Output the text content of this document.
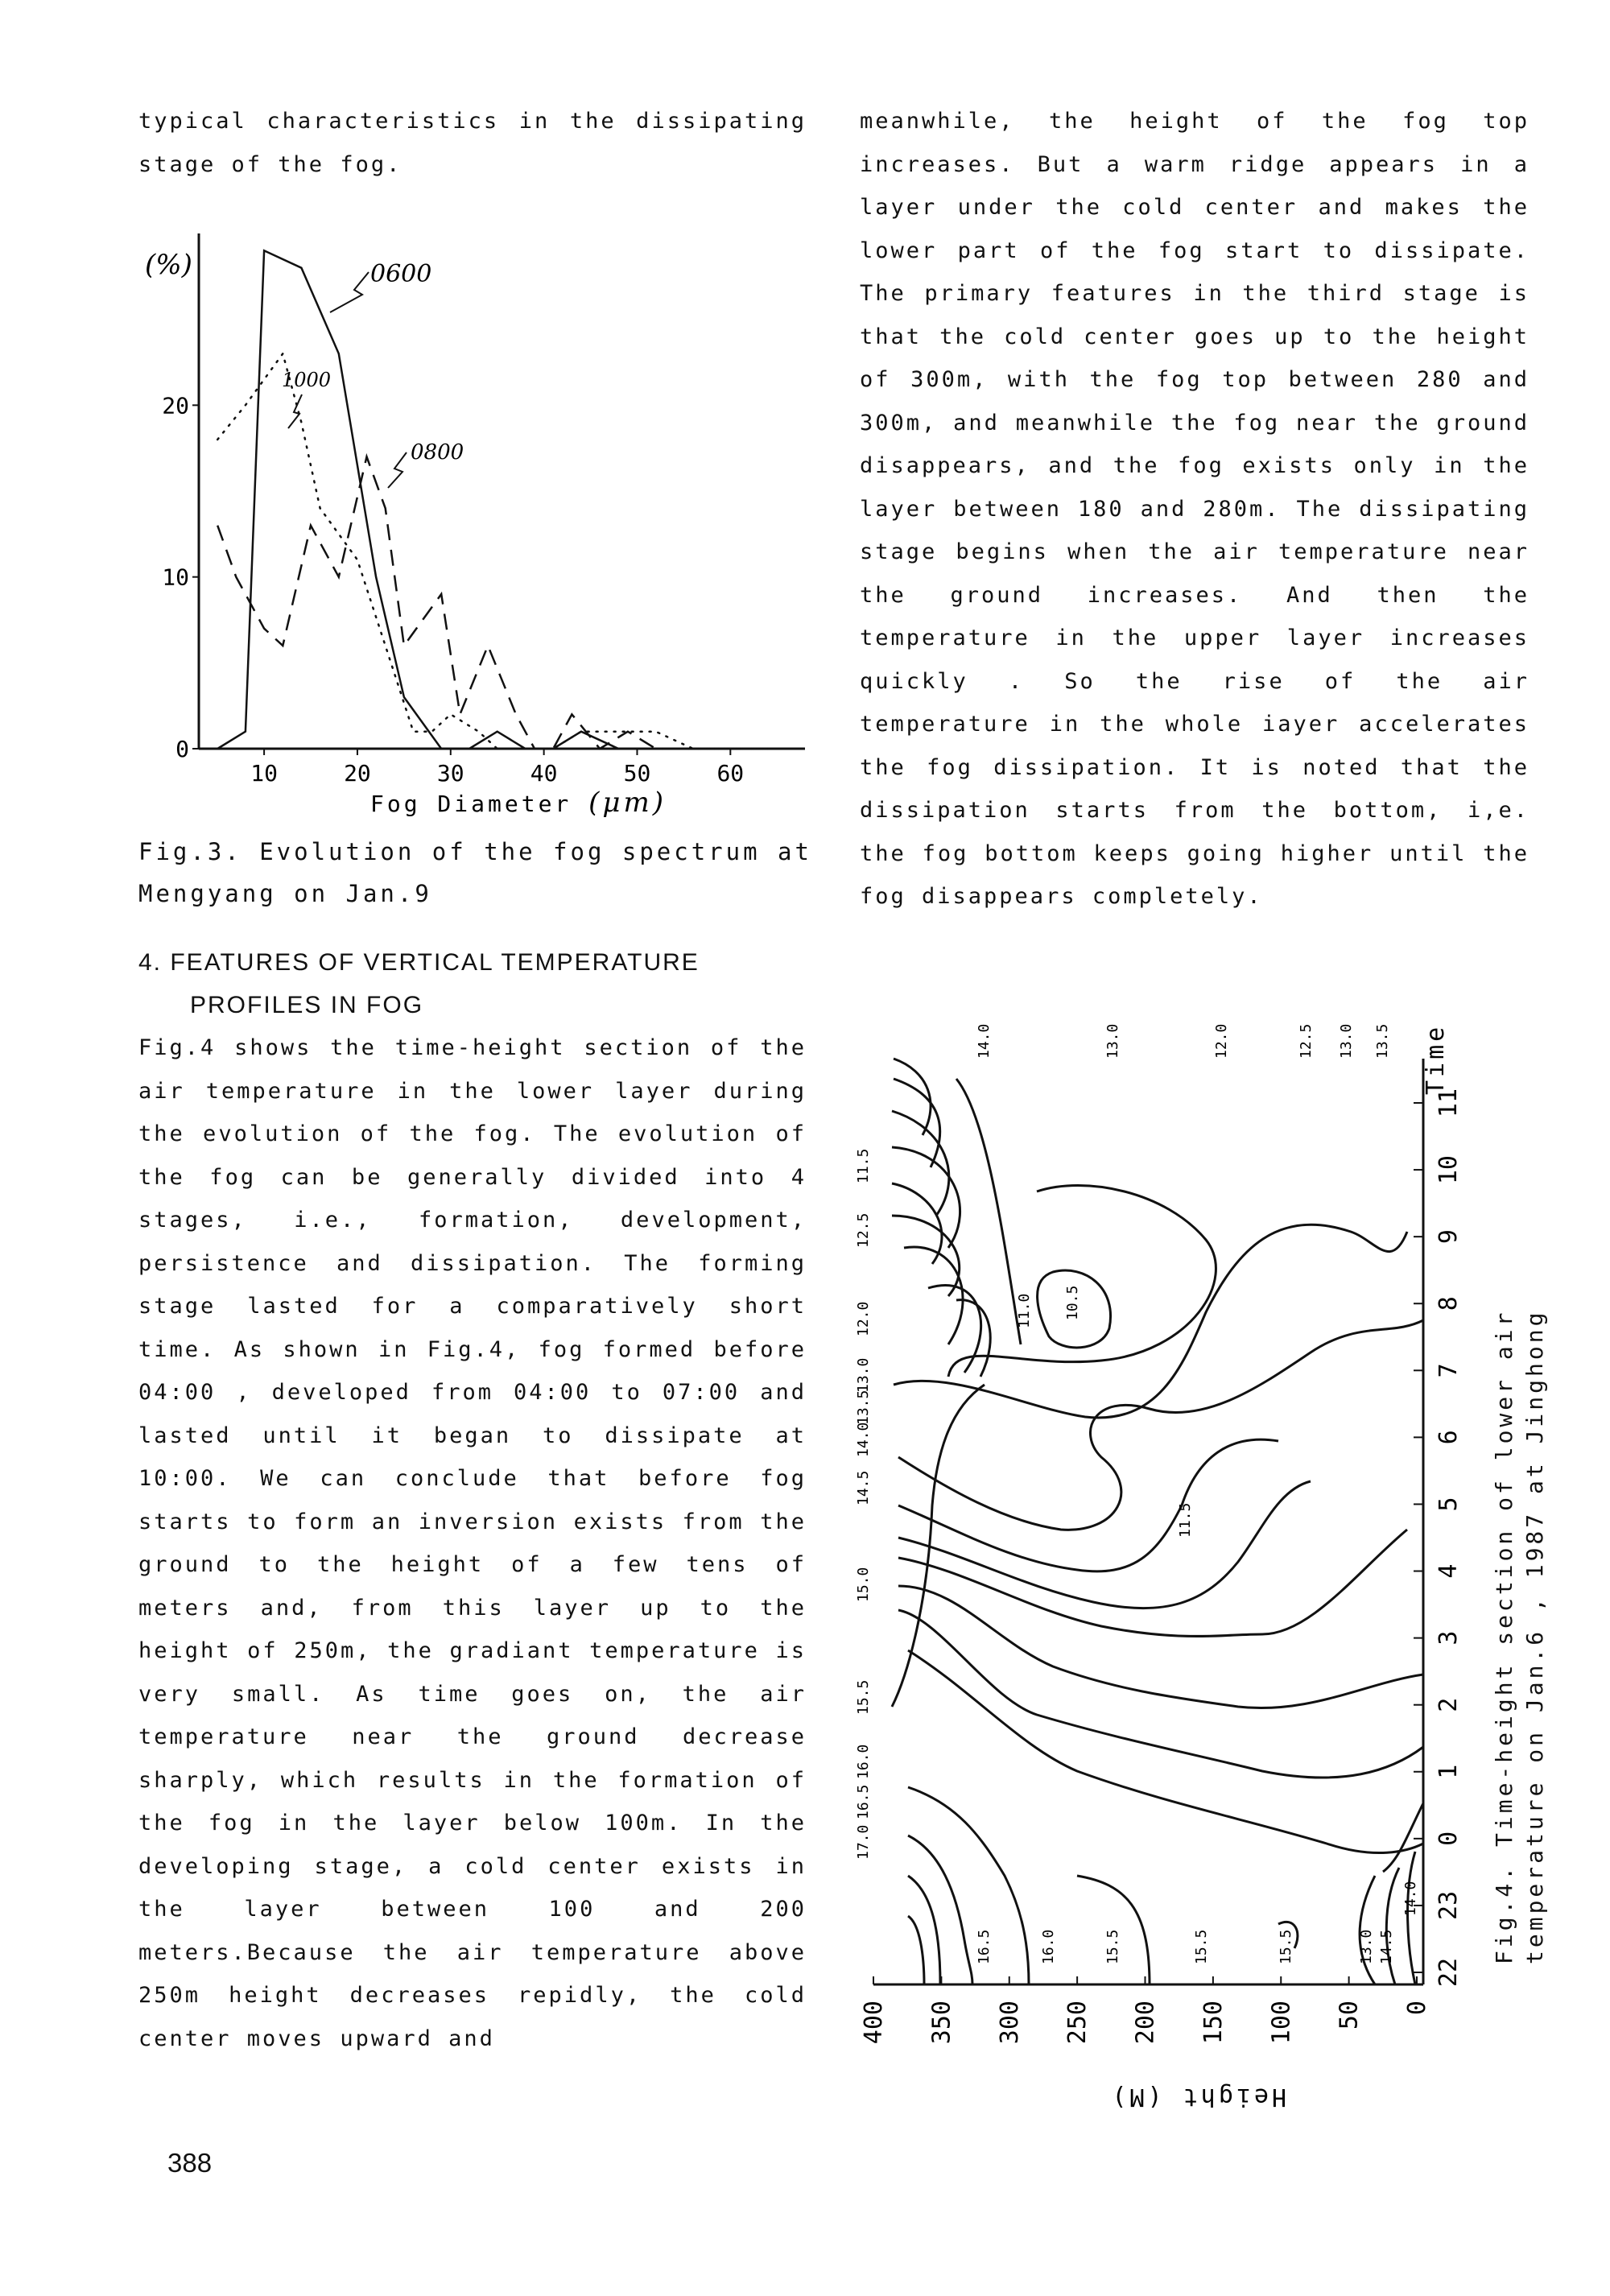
typical characteristics in the dissipating stage of the fog.

4. FEATURES OF VERTICAL TEMPERATURE
PROFILES IN FOG

Fig.4 shows the time-height section of the air temperature in the lower layer during the evolution of the fog. The evolution of the fog can be generally divided into 4 stages, i.e., formation, development, persistence and dissipation. The forming stage lasted for a comparatively short time. As shown in Fig.4, fog formed before 04:00 , developed from 04:00 to 07:00 and lasted until it began to dissipate at 10:00. We can conclude that before fog starts to form an inversion exists from the ground to the height of a few tens of meters and, from this layer up to the height of 250m, the gradiant temperature is very small. As time goes on, the air temperature near the ground decrease sharply, which results in the formation of the fog in the layer below 100m. In the developing stage, a cold center exists in the layer between 100 and 200 meters.Because the air temperature above 250m height decreases repidly, the cold center moves upward and

meanwhile, the height of the fog top increases. But a warm ridge appears in a layer under the cold center and makes the lower part of the fog start to dissipate. The primary features in the third stage is that the cold center goes up to the height of 300m, with the fog top between 280 and 300m, and meanwhile the fog near the ground disappears, and the fog exists only in the layer between 180 and 280m. The dissipating stage begins when the air temperature near the ground increases. And then the temperature in the upper layer increases quickly . So the rise of the air temperature in the whole iayer accelerates the fog dissipation. It is noted that the dissipation starts from the bottom, i,e. the fog bottom keeps going higher until the fog disappears completely.

10	20	30	40	50	60
0
10
20
(%)	0600
1000
0800
Fog Diameter (μm)
Fig.3. Evolution of the fog spectrum at
Mengyang on Jan.9
22
23
0
1
2
3
4
5
6
7
8
9
10
11
0
50
100
150
200
250
300
350
400
17.0
16.5
16.0
15.5
15.0
14.5
14.0
13.5
13.0
12.5
12.0
11.5
10.5
11.0
11.5
14.0	13.0	12.0	12.5 13.0 13.5
16.5	16.0	15.5	15.5	15.5	13.0 14.5
14.0
Time
Height (M)
Fig.4. Time-height section of lower air temperature on Jan.6 , 1987 at Jinghong
388
